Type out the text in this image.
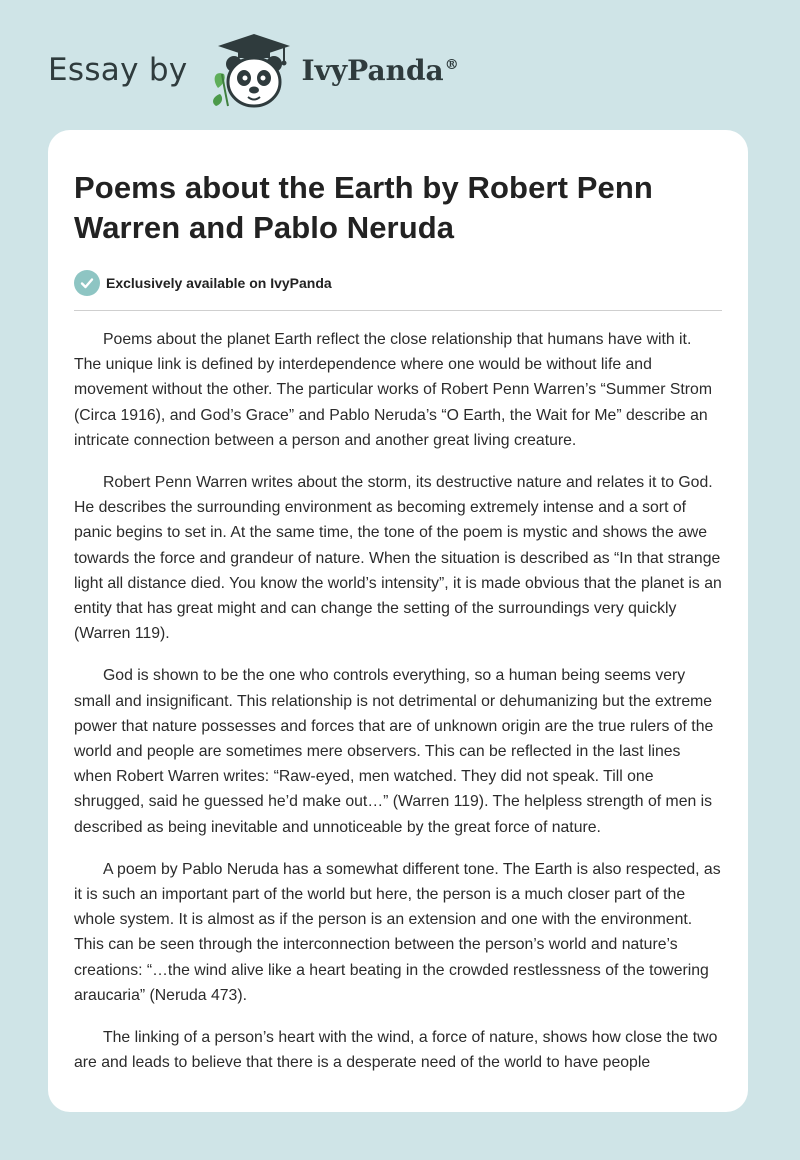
Essay by	IvyPanda®
Poems about the Earth by Robert Penn Warren and Pablo Neruda
Exclusively available on IvyPanda

Poems about the planet Earth reflect the close relationship that humans have with it. The unique link is defined by interdependence where one would be without life and movement without the other. The particular works of Robert Penn Warren’s “Summer Strom (Circa 1916), and God’s Grace” and Pablo Neruda’s “O Earth, the Wait for Me” describe an intricate connection between a person and another great living creature.

Robert Penn Warren writes about the storm, its destructive nature and relates it to God. He describes the surrounding environment as becoming extremely intense and a sort of panic begins to set in. At the same time, the tone of the poem is mystic and shows the awe towards the force and grandeur of nature. When the situation is described as “In that strange light all distance died. You know the world’s intensity”, it is made obvious that the planet is an entity that has great might and can change the setting of the surroundings very quickly (Warren 119).

God is shown to be the one who controls everything, so a human being seems very small and insignificant. This relationship is not detrimental or dehumanizing but the extreme power that nature possesses and forces that are of unknown origin are the true rulers of the world and people are sometimes mere observers. This can be reflected in the last lines when Robert Warren writes: “Raw-eyed, men watched. They did not speak. Till one shrugged, said he guessed he’d make out…” (Warren 119). The helpless strength of men is described as being inevitable and unnoticeable by the great force of nature.

A poem by Pablo Neruda has a somewhat different tone. The Earth is also respected, as it is such an important part of the world but here, the person is a much closer part of the whole system. It is almost as if the person is an extension and one with the environment. This can be seen through the interconnection between the person’s world and nature’s creations: “…the wind alive like a heart beating in the crowded restlessness of the towering araucaria” (Neruda 473).

The linking of a person’s heart with the wind, a force of nature, shows how close the two are and leads to believe that there is a desperate need of the world to have people
